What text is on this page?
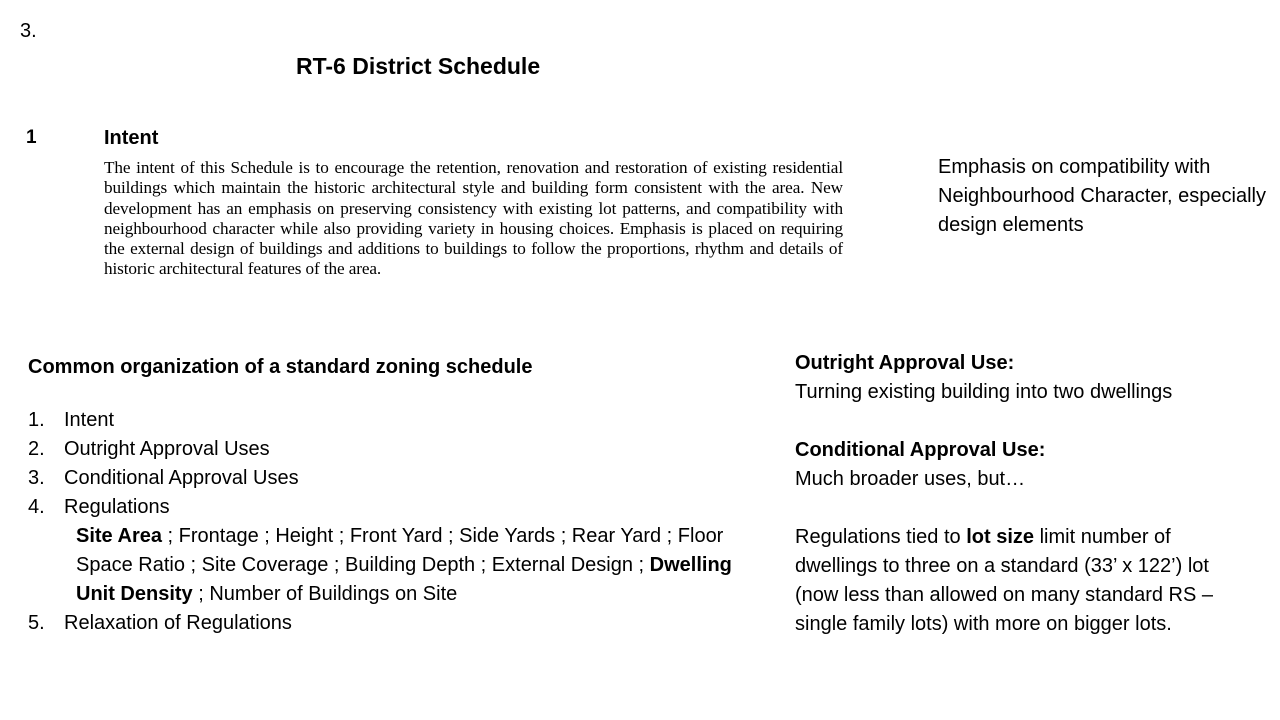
3.
RT-6 District Schedule
1	Intent
The intent of this Schedule is to encourage the retention, renovation and restoration of existing residential buildings which maintain the historic architectural style and building form consistent with the area. New development has an emphasis on preserving consistency with existing lot patterns, and compatibility with neighbourhood character while also providing variety in housing choices. Emphasis is placed on requiring the external design of buildings and additions to buildings to follow the proportions, rhythm and details of historic architectural features of the area.
Emphasis on compatibility with Neighbourhood Character, especially design elements
Common organization of a standard zoning schedule
1. Intent
2. Outright Approval Uses
3. Conditional Approval Uses
4. Regulations
Site Area ; Frontage ; Height ; Front Yard ; Side Yards ; Rear Yard ; Floor Space Ratio ; Site Coverage ; Building Depth ; External Design ; Dwelling Unit Density ; Number of Buildings on Site
5. Relaxation of Regulations
Outright Approval Use:
Turning existing building into two dwellings
Conditional Approval Use:
Much broader uses, but…
Regulations tied to lot size limit number of dwellings to three on a standard (33’ x 122’) lot (now less than allowed on many standard RS – single family lots) with more on bigger lots.
